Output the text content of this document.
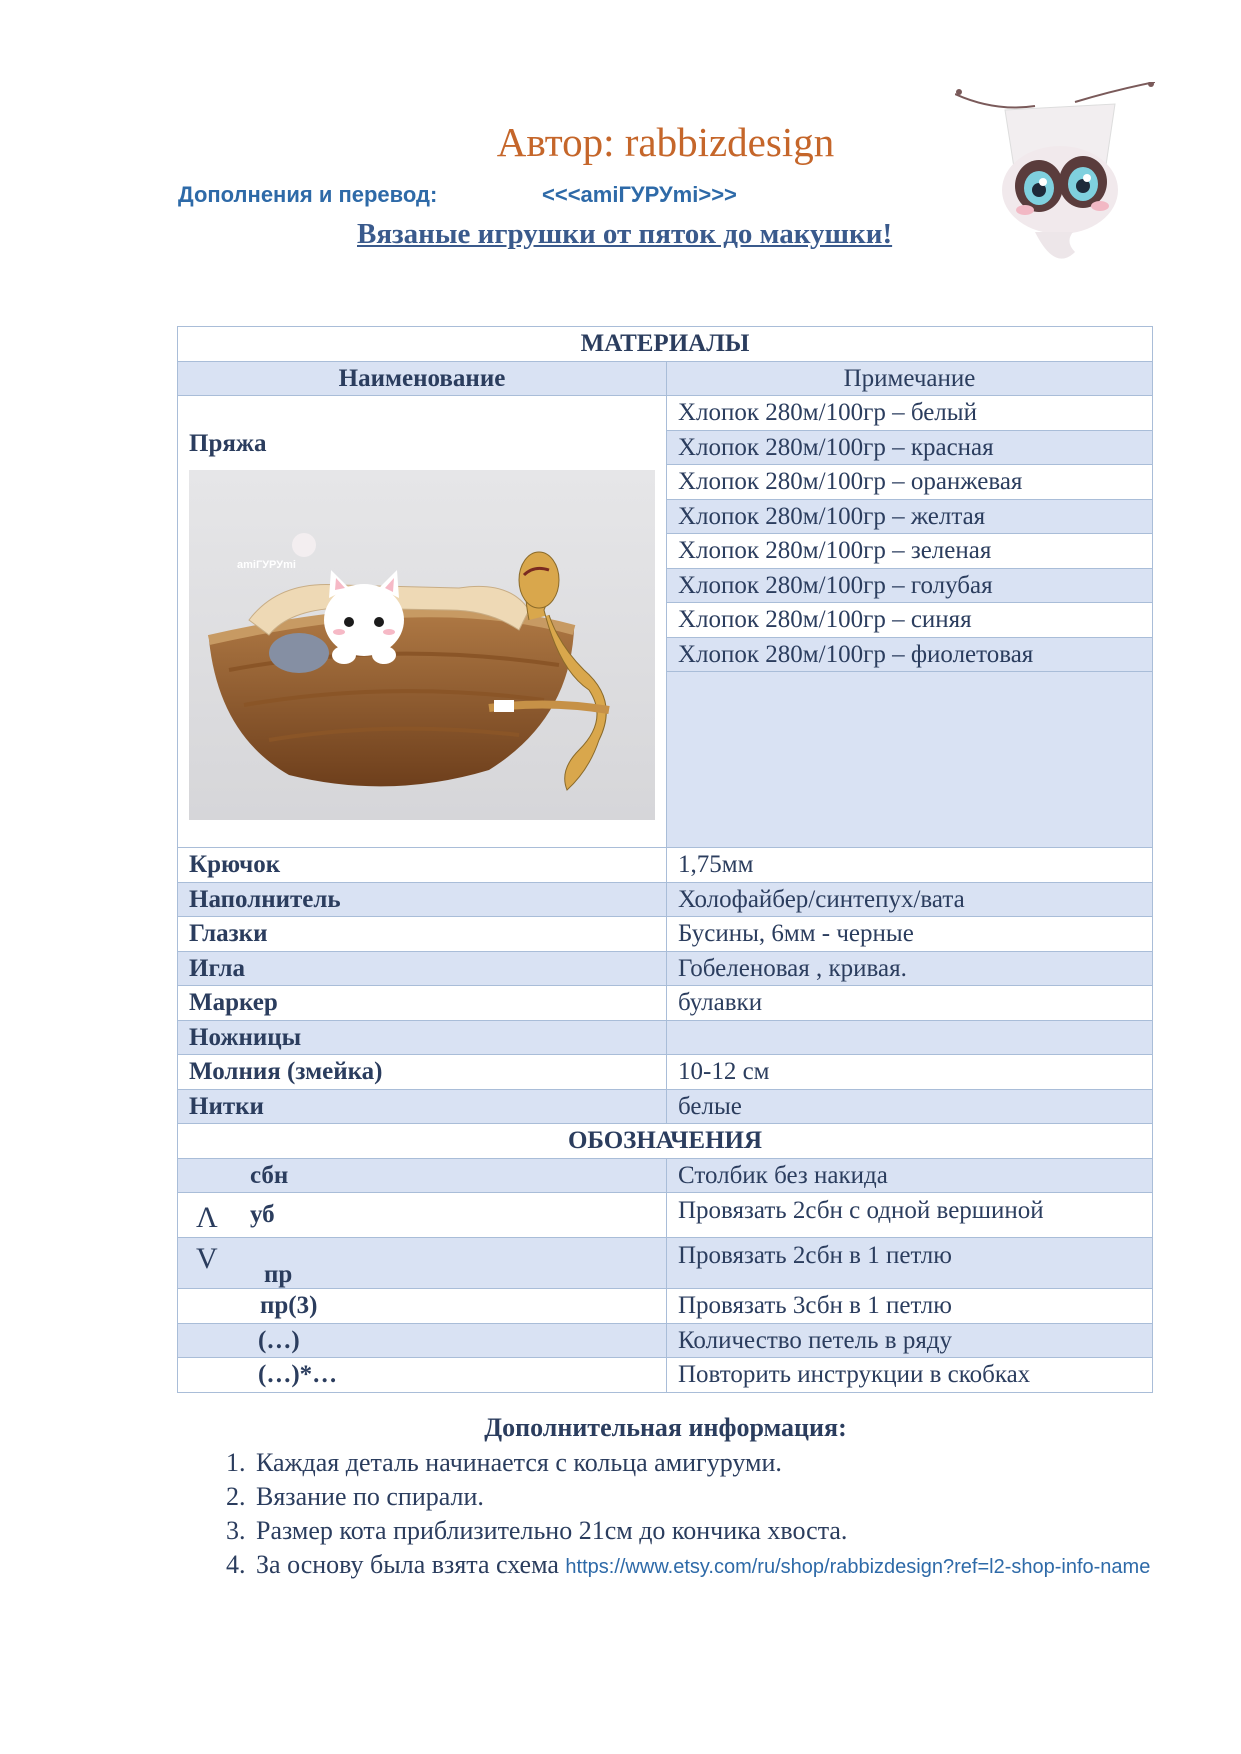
Автор: rabbizdesign
Дополнения и перевод:	<<<amiГУРУmi>>>
Вязаные игрушки от пяток до макушки!
МАТЕРИАЛЫ	
Наименование	Примечание

Пряжа
amiГУРУmi	Хлопок 280м/100гр – белый
	Хлопок 280м/100гр – красная
	Хлопок 280м/100гр – оранжевая
	Хлопок 280м/100гр – желтая
	Хлопок 280м/100гр – зеленая
	Хлопок 280м/100гр – голубая
	Хлопок 280м/100гр – синяя
	Хлопок 280м/100гр – фиолетовая

Крючок	1,75мм
Наполнитель	Холофайбер/синтепух/вата
Глазки	Бусины, 6мм - черные
Игла	Гобеленовая , кривая.
Маркер	булавки
Ножницы	
Молния (змейка)	10-12 см
Нитки	белые
ОБОЗНАЧЕНИЯ	
сбн	Столбик без накида

Ʌ уб	Провязать 2сбн с одной вершиной

V пр	Провязать 2сбн в 1 петлю
пр(3)	Провязать 3сбн в 1 петлю
(…)	Количество петель в ряду
(…)*…	Повторить инструкции в скобках
Дополнительная информация:
1. Каждая деталь начинается с кольца амигуруми.
2. Вязание по спирали.
3. Размер кота приблизительно 21см до кончика хвоста.
4. За основу была взята схема https://www.etsy.com/ru/shop/rabbizdesign?ref=l2-shop-info-name
